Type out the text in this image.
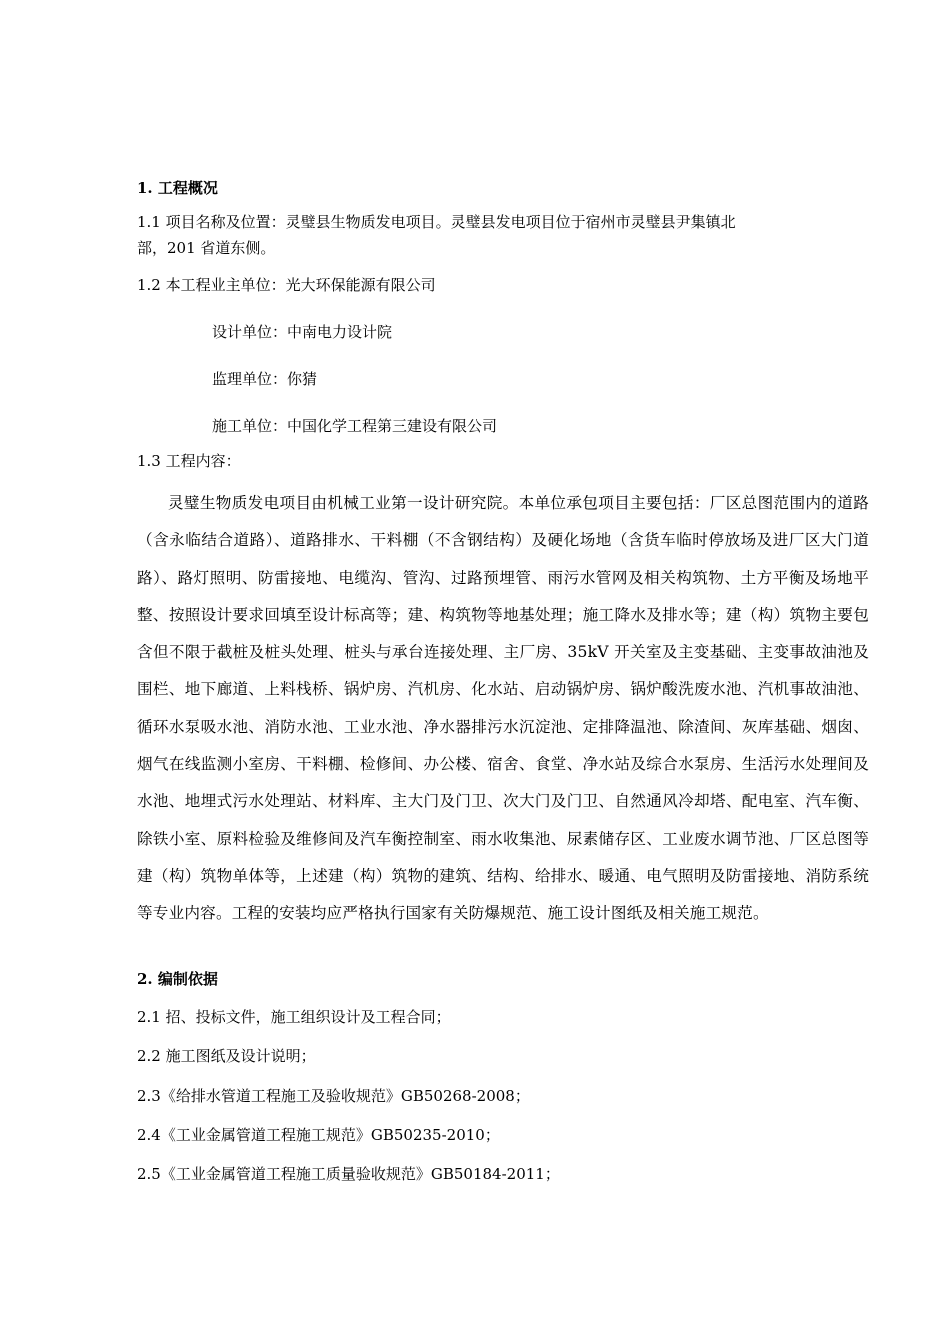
1. 工程概况
1.1 项目名称及位置：灵璧县生物质发电项目。灵璧县发电项目位于宿州市灵璧县尹集镇北
部，201 省道东侧。
1.2 本工程业主单位：光大环保能源有限公司
设计单位：中南电力设计院
监理单位：你猜
施工单位：中国化学工程第三建设有限公司
1.3 工程内容：

灵璧生物质发电项目由机械工业第一设计研究院。本单位承包项目主要包括：厂区总图范围内的道路（含永临结合道路）、道路排水、干料棚（不含钢结构）及硬化场地（含货车临时停放场及进厂区大门道路）、路灯照明、防雷接地、电缆沟、管沟、过路预埋管、雨污水管网及相关构筑物、土方平衡及场地平整、按照设计要求回填至设计标高等；建、构筑物等地基处理；施工降水及排水等；建（构）筑物主要包含但不限于截桩及桩头处理、桩头与承台连接处理、主厂房、35kV 开关室及主变基础、主变事故油池及围栏、地下廊道、上料栈桥、锅炉房、汽机房、化水站、启动锅炉房、锅炉酸洗废水池、汽机事故油池、循环水泵吸水池、消防水池、工业水池、净水器排污水沉淀池、定排降温池、除渣间、灰库基础、烟囱、烟气在线监测小室房、干料棚、检修间、办公楼、宿舍、食堂、净水站及综合水泵房、生活污水处理间及水池、地埋式污水处理站、材料库、主大门及门卫、次大门及门卫、自然通风冷却塔、配电室、汽车衡、除铁小室、原料检验及维修间及汽车衡控制室、雨水收集池、尿素储存区、工业废水调节池、厂区总图等建（构）筑物单体等，上述建（构）筑物的建筑、结构、给排水、暖通、电气照明及防雷接地、消防系统等专业内容。工程的安装均应严格执行国家有关防爆规范、施工设计图纸及相关施工规范。

2. 编制依据
2.1 招、投标文件，施工组织设计及工程合同；
2.2 施工图纸及设计说明；
2.3《给排水管道工程施工及验收规范》GB50268-2008；
2.4《工业金属管道工程施工规范》GB50235-2010；
2.5《工业金属管道工程施工质量验收规范》GB50184-2011；
